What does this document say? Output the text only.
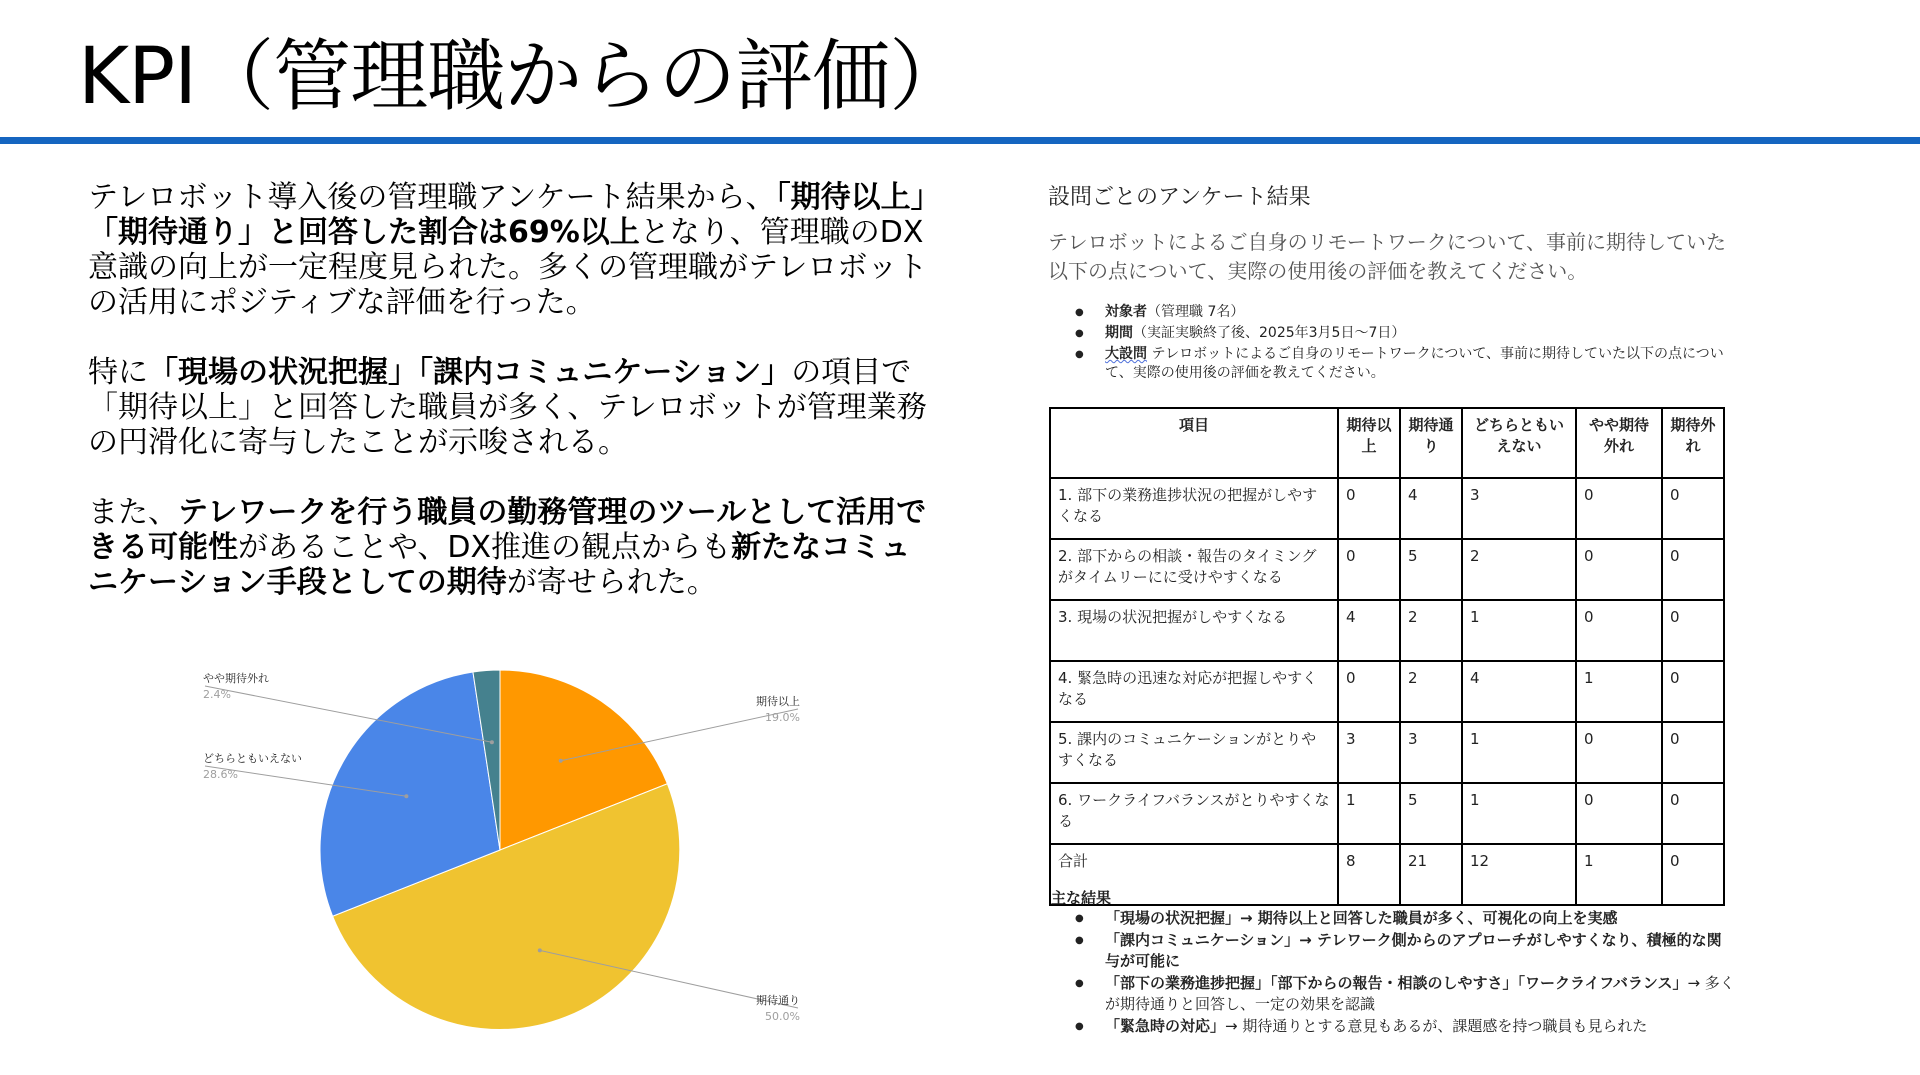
KPI（管理職からの評価）

テレロボット導入後の管理職アンケート結果から、「期待以上」「期待通り」と回答した割合は69%以上となり、管理職のDX意識の向上が一定程度見られた。多くの管理職がテレロボットの活用にポジティブな評価を行った。

特に「現場の状況把握」「課内コミュニケーション」の項目で「期待以上」と回答した職員が多く、テレロボットが管理業務の円滑化に寄与したことが示唆される。

また、テレワークを行う職員の勤務管理のツールとして活用できる可能性があることや、DX推進の観点からも新たなコミュニケーション手段としての期待が寄せられた。

期待以上
19.0%
期待通り
50.0%
どちらともいえない
28.6%
やや期待外れ
2.4%
設問ごとのアンケート結果
テレロボットによるご自身のリモートワークについて、事前に期待していた以下の点について、実際の使用後の評価を教えてください。
● 対象者（管理職 7名）
● 期間（実証実験終了後、2025年3月5日～7日）
● 大設問 テレロボットによるご自身のリモートワークについて、事前に期待していた以下の点について、実際の使用後の評価を教えてください。
項目	期待以上	期待通り	どちらともいえない	やや期待外れ	期待外れ
1. 部下の業務進捗状況の把握がしやすくなる	0	4	3	0	0
2. 部下からの相談・報告のタイミングがタイムリーにに受けやすくなる	0	5	2	0	0
3. 現場の状況把握がしやすくなる	4	2	1	0	0
4. 緊急時の迅速な対応が把握しやすくなる	0	2	4	1	0
5. 課内のコミュニケーションがとりやすくなる	3	3	1	0	0
6. ワークライフバランスがとりやすくなる	1	5	1	0	0
合計	8	21	12	1	0
主な結果
● 「現場の状況把握」→ 期待以上と回答した職員が多く、可視化の向上を実感
● 「課内コミュニケーション」→ テレワーク側からのアプローチがしやすくなり、積極的な関与が可能に
● 「部下の業務進捗把握」「部下からの報告・相談のしやすさ」「ワークライフバランス」→ 多くが期待通りと回答し、一定の効果を認識
● 「緊急時の対応」→ 期待通りとする意見もあるが、課題感を持つ職員も見られた
